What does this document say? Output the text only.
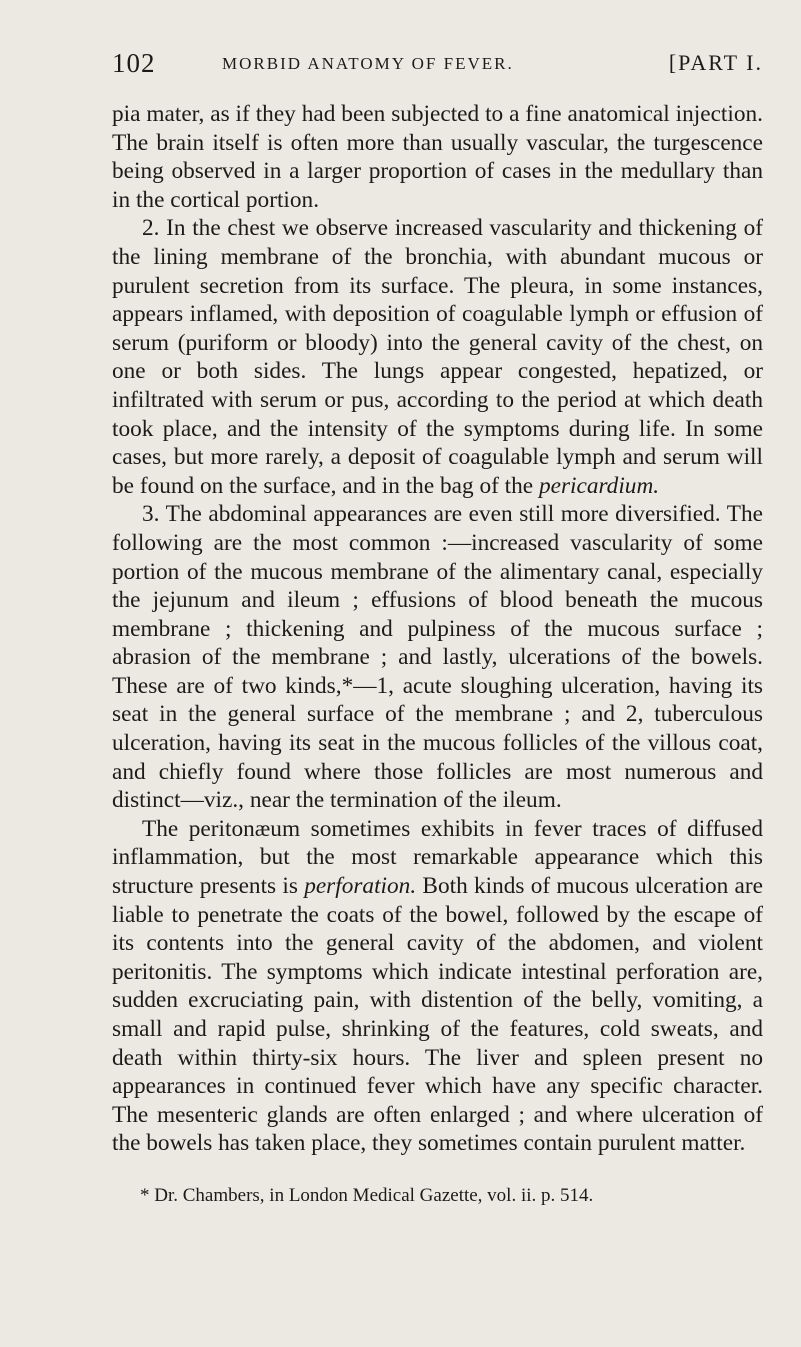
102	MORBID ANATOMY OF FEVER.	[PART I.

pia mater, as if they had been subjected to a fine anatomical injection. The brain itself is often more than usually vascular, the turgescence being observed in a larger proportion of cases in the medullary than in the cortical portion.

2. In the chest we observe increased vascularity and thickening of the lining membrane of the bronchia, with abundant mucous or purulent secretion from its surface. The pleura, in some instances, appears inflamed, with deposition of coagulable lymph or effusion of serum (puriform or bloody) into the general cavity of the chest, on one or both sides. The lungs appear congested, hepatized, or infiltrated with serum or pus, according to the period at which death took place, and the intensity of the symptoms during life. In some cases, but more rarely, a deposit of coagulable lymph and serum will be found on the surface, and in the bag of the pericardium.

3. The abdominal appearances are even still more diversified. The following are the most common :—increased vascularity of some portion of the mucous membrane of the alimentary canal, especially the jejunum and ileum ; effusions of blood beneath the mucous membrane ; thickening and pulpiness of the mucous surface ; abrasion of the membrane ; and lastly, ulcerations of the bowels. These are of two kinds,*—1, acute sloughing ulceration, having its seat in the general surface of the membrane ; and 2, tuberculous ulceration, having its seat in the mucous follicles of the villous coat, and chiefly found where those follicles are most numerous and distinct—viz., near the termination of the ileum.

The peritonæum sometimes exhibits in fever traces of diffused inflammation, but the most remarkable appearance which this structure presents is perforation. Both kinds of mucous ulceration are liable to penetrate the coats of the bowel, followed by the escape of its contents into the general cavity of the abdomen, and violent peritonitis. The symptoms which indicate intestinal perforation are, sudden excruciating pain, with distention of the belly, vomiting, a small and rapid pulse, shrinking of the features, cold sweats, and death within thirty-six hours. The liver and spleen present no appearances in continued fever which have any specific character. The mesenteric glands are often enlarged ; and where ulceration of the bowels has taken place, they sometimes contain purulent matter.

* Dr. Chambers, in London Medical Gazette, vol. ii. p. 514.
